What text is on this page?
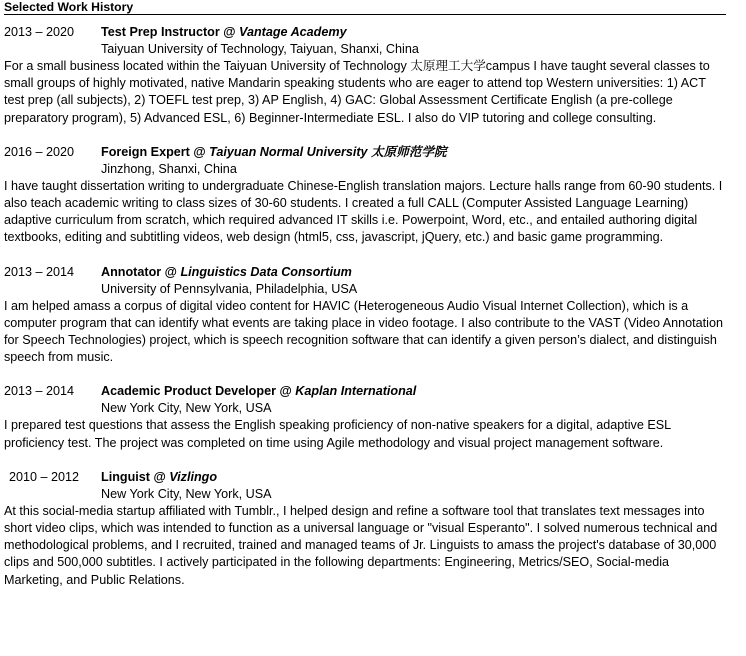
Selected Work History
2013 – 2020	Test Prep Instructor @ Vantage Academy
Taiyuan University of Technology, Taiyuan, Shanxi, China
For a small business located within the Taiyuan University of Technology 太原理工大学campus I have taught several classes to small groups of highly motivated, native Mandarin speaking students who are eager to attend top Western universities: 1) ACT test prep (all subjects), 2) TOEFL test prep, 3) AP English, 4) GAC: Global Assessment Certificate English (a pre-college preparatory program), 5) Advanced ESL, 6) Beginner-Intermediate ESL. I also do VIP tutoring and college consulting.
2016 – 2020	Foreign Expert @ Taiyuan Normal University 太原师范学院
Jinzhong, Shanxi, China
I have taught dissertation writing to undergraduate Chinese-English translation majors. Lecture halls range from 60-90 students. I also teach academic writing to class sizes of 30-60 students. I created a full CALL (Computer Assisted Language Learning) adaptive curriculum from scratch, which required advanced IT skills i.e. Powerpoint, Word, etc., and entailed authoring digital textbooks, editing and subtitling videos, web design (html5, css, javascript, jQuery, etc.) and basic game programming.
2013 – 2014	Annotator @ Linguistics Data Consortium
University of Pennsylvania, Philadelphia, USA
I am helped amass a corpus of digital video content for HAVIC (Heterogeneous Audio Visual Internet Collection), which is a computer program that can identify what events are taking place in video footage. I also contribute to the VAST (Video Annotation for Speech Technologies) project, which is speech recognition software that can identify a given person’s dialect, and distinguish speech from music.
2013 – 2014	Academic Product Developer @ Kaplan International
New York City, New York, USA
I prepared test questions that assess the English speaking proficiency of non-native speakers for a digital, adaptive ESL proficiency test. The project was completed on time using Agile methodology and visual project management software.
2010 – 2012	Linguist @ Vizlingo
New York City, New York, USA
At this social-media startup affiliated with Tumblr., I helped design and refine a software tool that translates text messages into short video clips, which was intended to function as a universal language or "visual Esperanto". I solved numerous technical and methodological problems, and I recruited, trained and managed teams of Jr. Linguists to amass the project's database of 30,000 clips and 500,000 subtitles. I actively participated in the following departments: Engineering, Metrics/SEO, Social-media Marketing, and Public Relations.
